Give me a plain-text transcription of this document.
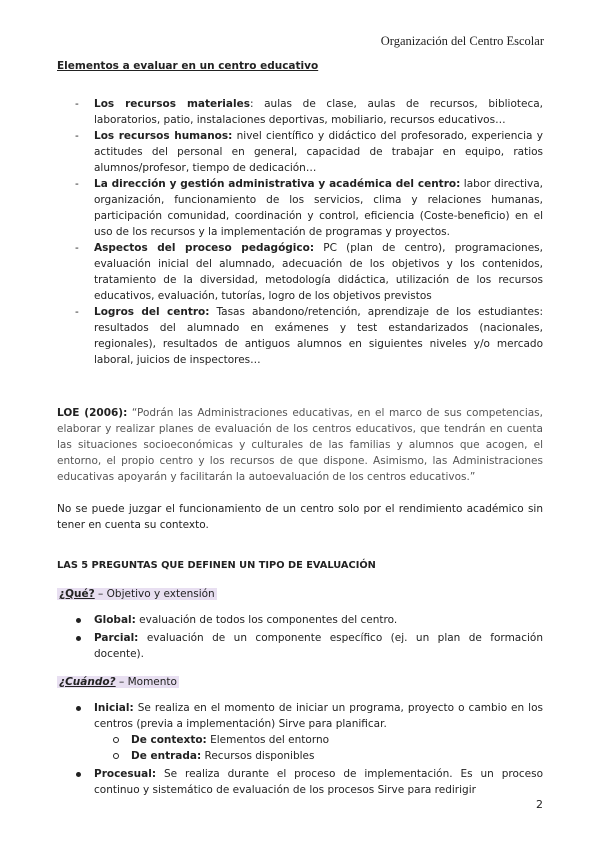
Organización del Centro Escolar

Elementos a evaluar en un centro educativo

- Los recursos materiales: aulas de clase, aulas de recursos, biblioteca, laboratorios, patio, instalaciones deportivas, mobiliario, recursos educativos…
- Los recursos humanos: nivel científico y didáctico del profesorado, experiencia y actitudes del personal en general, capacidad de trabajar en equipo, ratios alumnos/profesor, tiempo de dedicación…
- La dirección y gestión administrativa y académica del centro: labor directiva, organización, funcionamiento de los servicios, clima y relaciones humanas, participación comunidad, coordinación y control, eficiencia (Coste-beneficio) en el uso de los recursos y la implementación de programas y proyectos.
- Aspectos del proceso pedagógico: PC (plan de centro), programaciones, evaluación inicial del alumnado, adecuación de los objetivos y los contenidos, tratamiento de la diversidad, metodología didáctica, utilización de los recursos educativos, evaluación, tutorías, logro de los objetivos previstos
- Logros del centro: Tasas abandono/retención, aprendizaje de los estudiantes: resultados del alumnado en exámenes y test estandarizados (nacionales, regionales), resultados de antiguos alumnos en siguientes niveles y/o mercado laboral, juicios de inspectores…

LOE (2006): “Podrán las Administraciones educativas, en el marco de sus competencias, elaborar y realizar planes de evaluación de los centros educativos, que tendrán en cuenta las situaciones socioeconómicas y culturales de las familias y alumnos que acogen, el entorno, el propio centro y los recursos de que dispone. Asimismo, las Administraciones educativas apoyarán y facilitarán la autoevaluación de los centros educativos.”

No se puede juzgar el funcionamiento de un centro solo por el rendimiento académico sin tener en cuenta su contexto.

LAS 5 PREGUNTAS QUE DEFINEN UN TIPO DE EVALUACIÓN

¿Qué? – Objetivo y extensión

Global: evaluación de todos los componentes del centro.
Parcial: evaluación de un componente específico (ej. un plan de formación docente).

¿Cuándo? – Momento

Inicial: Se realiza en el momento de iniciar un programa, proyecto o cambio en los centros (previa a implementación) Sirve para planificar.
De contexto: Elementos del entorno
De entrada: Recursos disponibles
Procesual: Se realiza durante el proceso de implementación. Es un proceso continuo y sistemático de evaluación de los procesos Sirve para redirigir
2
